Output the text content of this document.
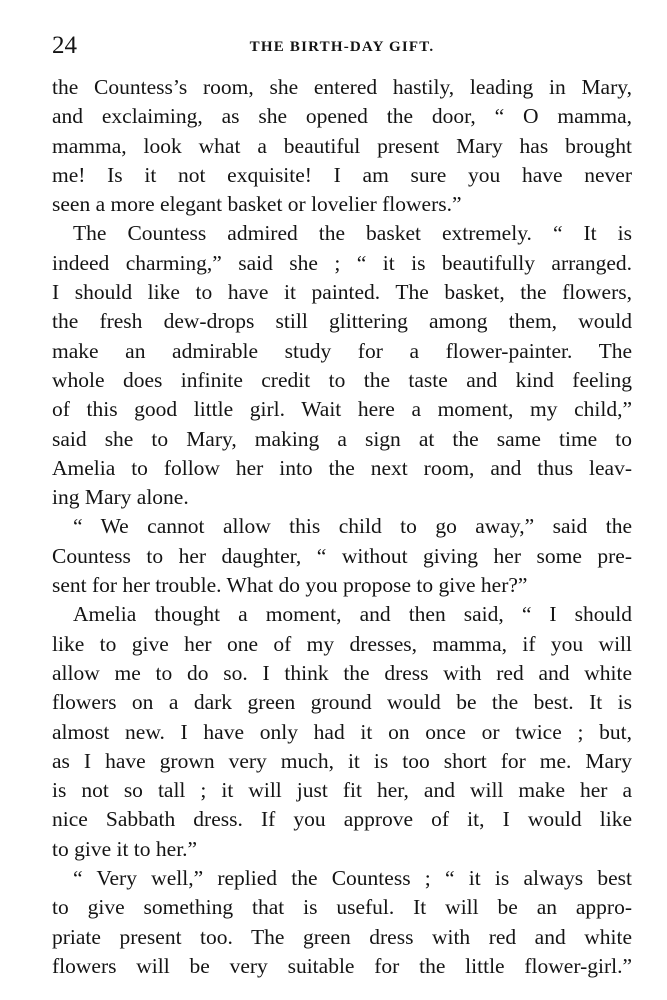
24	THE BIRTH-DAY GIFT.
the Countess’s room, she entered hastily, leading in Mary,
and exclaiming, as she opened the door, “ O mamma,
mamma, look what a beautiful present Mary has brought
me! Is it not exquisite! I am sure you have never
seen a more elegant basket or lovelier flowers.”
The Countess admired the basket extremely. “ It is
indeed charming,” said she ; “ it is beautifully arranged.
I should like to have it painted. The basket, the flowers,
the fresh dew-drops still glittering among them, would
make an admirable study for a flower-painter. The
whole does infinite credit to the taste and kind feeling
of this good little girl. Wait here a moment, my child,”
said she to Mary, making a sign at the same time to
Amelia to follow her into the next room, and thus leav-
ing Mary alone.
“ We cannot allow this child to go away,” said the
Countess to her daughter, “ without giving her some pre-
sent for her trouble. What do you propose to give her?”
Amelia thought a moment, and then said, “ I should
like to give her one of my dresses, mamma, if you will
allow me to do so. I think the dress with red and white
flowers on a dark green ground would be the best. It is
almost new. I have only had it on once or twice ; but,
as I have grown very much, it is too short for me. Mary
is not so tall ; it will just fit her, and will make her a
nice Sabbath dress. If you approve of it, I would like
to give it to her.”
“ Very well,” replied the Countess ; “ it is always best
to give something that is useful. It will be an appro-
priate present too. The green dress with red and white
flowers will be very suitable for the little flower-girl.”
